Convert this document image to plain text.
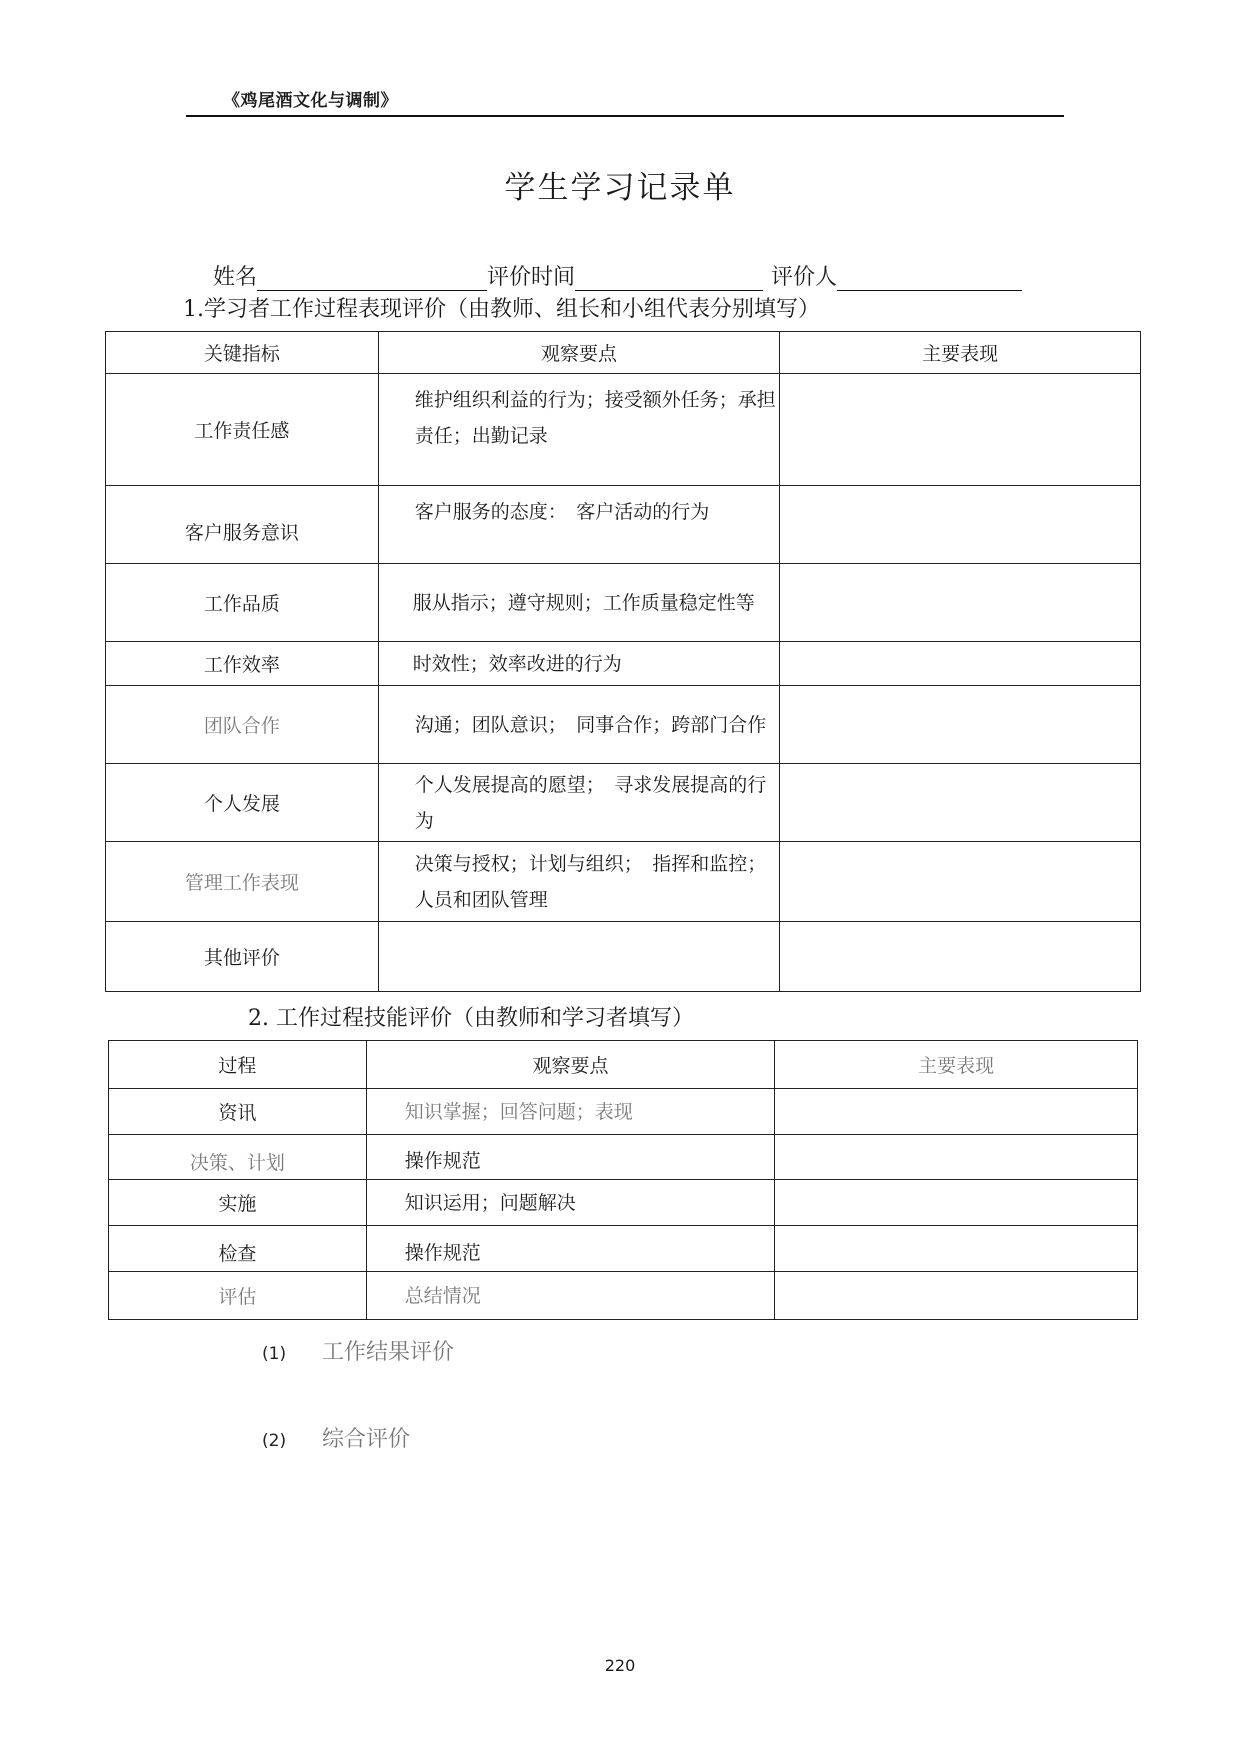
《鸡尾酒文化与调制》
学生学习记录单
姓名	评价时间	评价人
1.学习者工作过程表现评价（由教师、组长和小组代表分别填写）
关键指标	观察要点	主要表现
工作责任感	维护组织利益的行为；接受额外任务；承担责任；出勤记录	
客户服务意识	客户服务的态度：　客户活动的行为	
工作品质	服从指示；遵守规则；工作质量稳定性等	
工作效率	时效性；效率改进的行为	
团队合作	沟通；团队意识；　同事合作；跨部门合作	
个人发展	个人发展提高的愿望；　寻求发展提高的行为	
管理工作表现	决策与授权；计划与组织；　指挥和监控；人员和团队管理	
其他评价		
2. 工作过程技能评价（由教师和学习者填写）
过程	观察要点	主要表现
资讯	知识掌握；回答问题；表现	
决策、计划	操作规范	
实施	知识运用；问题解决	
检查	操作规范	
评估	总结情况	
(1)	工作结果评价
(2)	综合评价
220
